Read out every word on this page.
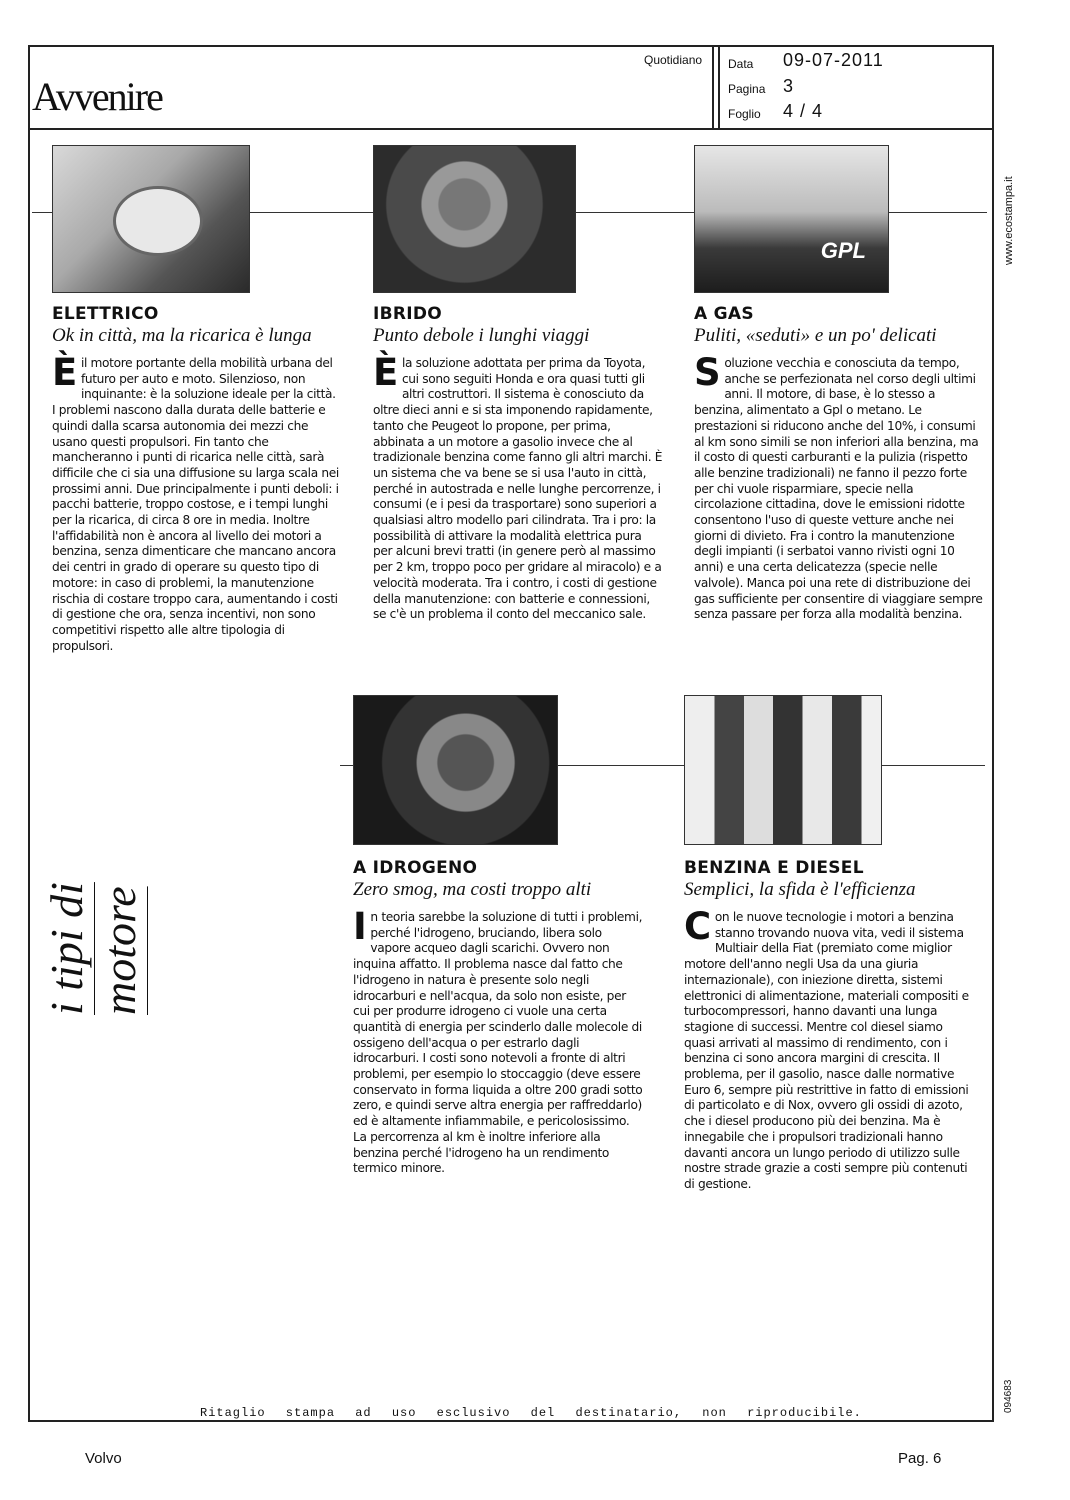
Avvenire
Quotidiano Data 09-07-2011
Pagina 3
Foglio 4 / 4
www.ecostampa.it
094683
GPL
i tipi di motore
ELETTRICO
Ok in città, ma la ricarica è lunga
Èil motore portante della mobilità urbana del futuro per auto e moto. Silenzioso, non inquinante: è la soluzione ideale per la città. I problemi nascono dalla durata delle batterie e quindi dalla scarsa autonomia dei mezzi che usano questi propulsori. Fin tanto che mancheranno i punti di ricarica nelle città, sarà difficile che ci sia una diffusione su larga scala nei prossimi anni. Due principalmente i punti deboli: i pacchi batterie, troppo costose, e i tempi lunghi per la ricarica, di circa 8 ore in media. Inoltre l'affidabilità non è ancora al livello dei motori a benzina, senza dimenticare che mancano ancora dei centri in grado di operare su questo tipo di motore: in caso di problemi, la manutenzione rischia di costare troppo cara, aumentando i costi di gestione che ora, senza incentivi, non sono competitivi rispetto alle altre tipologia di propulsori.
IBRIDO
Punto debole i lunghi viaggi
Èla soluzione adottata per prima da Toyota, cui sono seguiti Honda e ora quasi tutti gli altri costruttori. Il sistema è conosciuto da oltre dieci anni e si sta imponendo rapidamente, tanto che Peugeot lo propone, per prima, abbinata a un motore a gasolio invece che al tradizionale benzina come fanno gli altri marchi. È un sistema che va bene se si usa l'auto in città, perché in autostrada e nelle lunghe percorrenze, i consumi (e i pesi da trasportare) sono superiori a qualsiasi altro modello pari cilindrata. Tra i pro: la possibilità di attivare la modalità elettrica pura per alcuni brevi tratti (in genere però al massimo per 2 km, troppo poco per gridare al miracolo) e a velocità moderata. Tra i contro, i costi di gestione della manutenzione: con batterie e connessioni, se c'è un problema il conto del meccanico sale.
A GAS
Puliti, «seduti» e un po' delicati
Soluzione vecchia e conosciuta da tempo, anche se perfezionata nel corso degli ultimi anni. Il motore, di base, è lo stesso a benzina, alimentato a Gpl o metano. Le prestazioni si riducono anche del 10%, i consumi al km sono simili se non inferiori alla benzina, ma il costo di questi carburanti e la pulizia (rispetto alle benzine tradizionali) ne fanno il pezzo forte per chi vuole risparmiare, specie nella circolazione cittadina, dove le emissioni ridotte consentono l'uso di queste vetture anche nei giorni di divieto. Fra i contro la manutenzione degli impianti (i serbatoi vanno rivisti ogni 10 anni) e una certa delicatezza (specie nelle valvole). Manca poi una rete di distribuzione dei gas sufficiente per consentire di viaggiare sempre senza passare per forza alla modalità benzina.
A IDROGENO
Zero smog, ma costi troppo alti
In teoria sarebbe la soluzione di tutti i problemi, perché l'idrogeno, bruciando, libera solo vapore acqueo dagli scarichi. Ovvero non inquina affatto. Il problema nasce dal fatto che l'idrogeno in natura è presente solo negli idrocarburi e nell'acqua, da solo non esiste, per cui per produrre idrogeno ci vuole una certa quantità di energia per scinderlo dalle molecole di ossigeno dell'acqua o per estrarlo dagli idrocarburi. I costi sono notevoli a fronte di altri problemi, per esempio lo stoccaggio (deve essere conservato in forma liquida a oltre 200 gradi sotto zero, e quindi serve altra energia per raffreddarlo) ed è altamente infiammabile, e pericolosissimo. La percorrenza al km è inoltre inferiore alla benzina perché l'idrogeno ha un rendimento termico minore.
BENZINA E DIESEL
Semplici, la sfida è l'efficienza
Con le nuove tecnologie i motori a benzina stanno trovando nuova vita, vedi il sistema Multiair della Fiat (premiato come miglior motore dell'anno negli Usa da una giuria internazionale), con iniezione diretta, sistemi elettronici di alimentazione, materiali compositi e turbocompressori, hanno davanti una lunga stagione di successi. Mentre col diesel siamo quasi arrivati al massimo di rendimento, con i benzina ci sono ancora margini di crescita. Il problema, per il gasolio, nasce dalle normative Euro 6, sempre più restrittive in fatto di emissioni di particolato e di Nox, ovvero gli ossidi di azoto, che i diesel producono più dei benzina. Ma è innegabile che i propulsori tradizionali hanno davanti ancora un lungo periodo di utilizzo sulle nostre strade grazie a costi sempre più contenuti di gestione.
Ritaglio stampa ad uso esclusivo del destinatario, non riproducibile.
Volvo	Pag. 6
